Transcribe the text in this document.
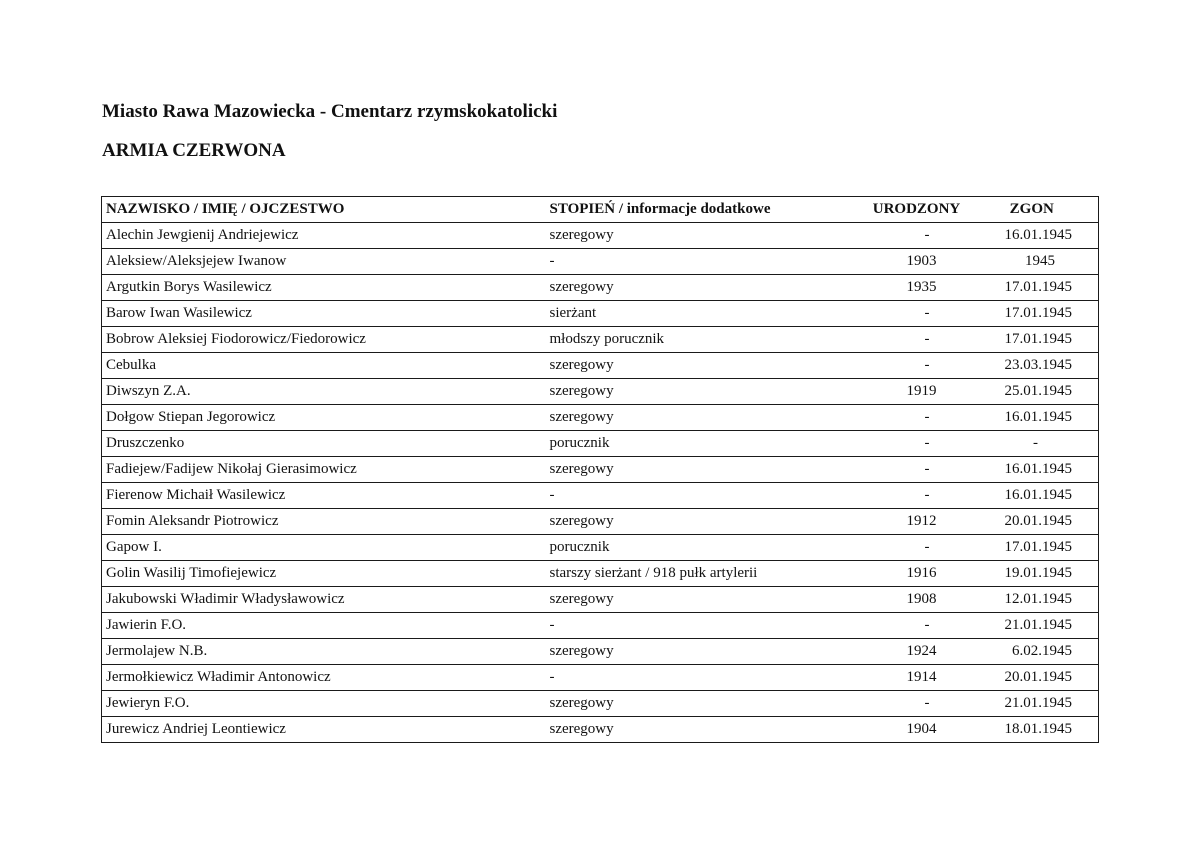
Miasto Rawa Mazowiecka - Cmentarz rzymskokatolicki
ARMIA CZERWONA
NAZWISKO / IMIĘ / OJCZESTWO	STOPIEŃ / informacje dodatkowe	URODZONY	ZGON
Alechin Jewgienij Andriejewicz	szeregowy	-	16.01.1945
Aleksiew/Aleksjejew Iwanow	-	1903	1945
Argutkin Borys Wasilewicz	szeregowy	1935	17.01.1945
Barow Iwan Wasilewicz	sierżant	-	17.01.1945
Bobrow Aleksiej Fiodorowicz/Fiedorowicz	młodszy porucznik	-	17.01.1945
Cebulka	szeregowy	-	23.03.1945
Diwszyn Z.A.	szeregowy	1919	25.01.1945
Dołgow Stiepan Jegorowicz	szeregowy	-	16.01.1945
Druszczenko	porucznik	-	-
Fadiejew/Fadijew Nikołaj Gierasimowicz	szeregowy	-	16.01.1945
Fierenow Michaił Wasilewicz	-	-	16.01.1945
Fomin Aleksandr Piotrowicz	szeregowy	1912	20.01.1945
Gapow I.	porucznik	-	17.01.1945
Golin Wasilij Timofiejewicz	starszy sierżant / 918 pułk artylerii	1916	19.01.1945
Jakubowski Władimir Władysławowicz	szeregowy	1908	12.01.1945
Jawierin F.O.	-	-	21.01.1945
Jermolajew N.B.	szeregowy	1924	6.02.1945
Jermołkiewicz Władimir Antonowicz	-	1914	20.01.1945
Jewieryn F.O.	szeregowy	-	21.01.1945
Jurewicz Andriej Leontiewicz	szeregowy	1904	18.01.1945
